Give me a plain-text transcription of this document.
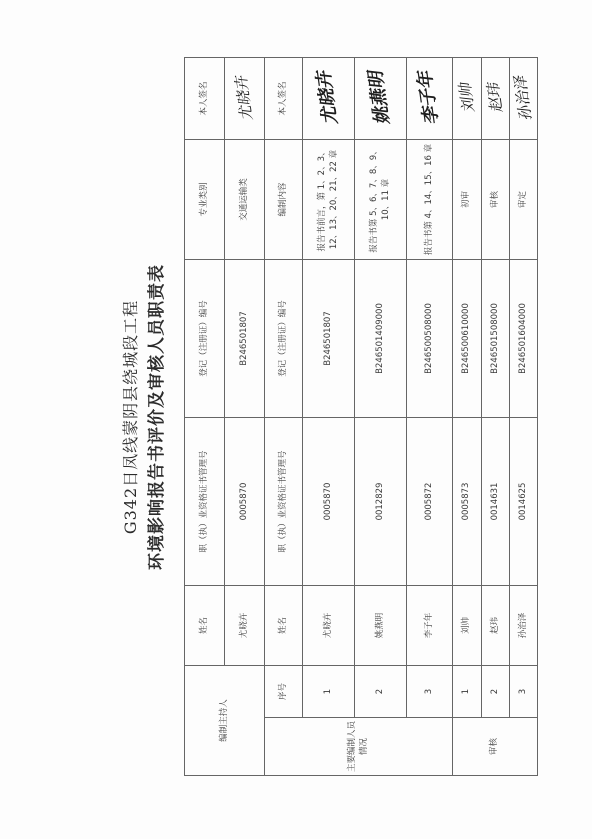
G342日凤线蒙阴县绕城段工程 环境影响报告书评价及审核人员职责表
编制主持人		姓名	职（执）业资格证书管理号	登记（注册证）编号	专业类别	本人签名
		尤晓卉	0005870	B246501807	交通运输类	尤晓卉
主要编制人员情况	序号	姓名	职（执）业资格证书管理号	登记（注册证）编号	编制内容	本人签名
	1	尤晓卉	0005870	B246501807	报告书前言，第 1、2、3、12、13、20、21、22 章	尤晓卉
	2	姚燕明	0012829	B246501409000	报告书第 5、6、7、8、9、10、11 章	姚燕明
	3	李子年	0005872	B246500508000	报告书第 4、14、15、16 章	李子年
审核	1	刘帅	0005873	B246500610000	初审	刘帅
	2	赵玮	0014631	B246501508000	审核	赵玮
	3	孙治泽	0014625	B246501604000	审定	孙治泽
